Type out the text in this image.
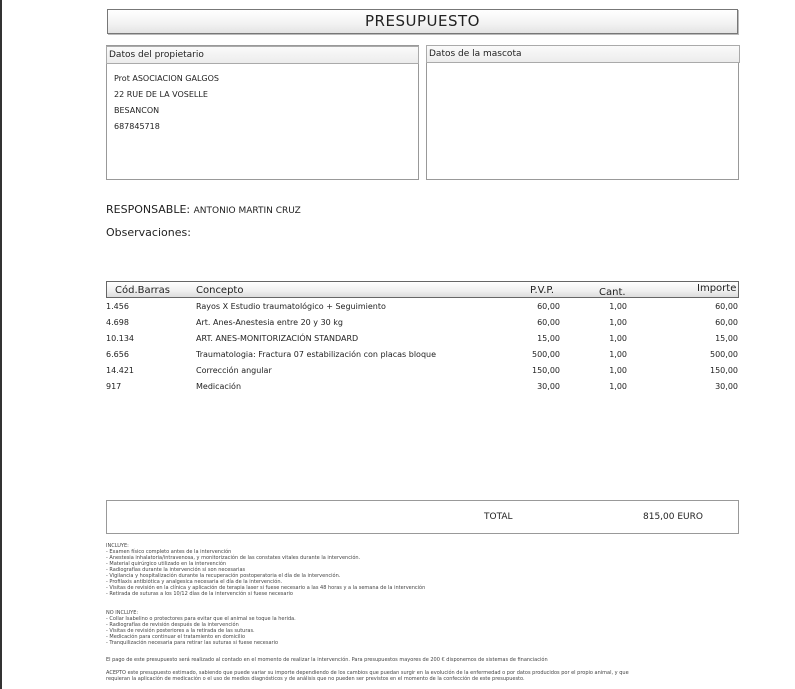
PRESUPUESTO
Datos del propietario
Prot ASOCIACION GALGOS
22 RUE DE LA VOSELLE
BESANCON
687845718
Datos de la mascota
RESPONSABLE: ANTONIO MARTIN CRUZ
Observaciones:
Cód.Barras	Concepto	P.V.P.	Cant.	Importe
1.456	Rayos X Estudio traumatológico + Seguimiento	60,00	1,00	60,00
4.698	Art. Anes-Anestesia entre 20 y 30 kg	60,00	1,00	60,00
10.134	ART. ANES-MONITORIZACIÓN STANDARD	15,00	1,00	15,00
6.656	Traumatologia: Fractura 07 estabilización con placas bloque	500,00	1,00	500,00
14.421	Corrección angular	150,00	1,00	150,00
917	Medicación	30,00	1,00	30,00
TOTAL	815,00 EURO
INCLUYE:
- Examen físico completo antes de la intervención
- Anestesia inhalatoria/intravenosa, y monitorización de las constates vitales durante la intervención.
- Material quirúrgico utilizado en la intervención
- Radiografías durante la intervención si son necesarias
- Vigilancia y hospitalización durante la recuperación postoperatoria el día de la intervención.
- Profilaxis antibiótica y analgesica necesaria el día de la intervención.
- Visitas de revisión en la clínica y aplicación de terapia laser si fuese necesario a las 48 horas y a la semana de la intervención
- Retirada de suturas a los 10/12 días de la intervención si fuese necesario
NO INCLUYE:
- Collar Isabelino o protectores para evitar que el animal se toque la herida.
- Radiografías de revisión después de la intervención
- Visitas de revisión posteriores a la retirada de las suturas.
- Medicación para continuar el tratamiento en domicilio
- Tranquilización necesaria para retirar las suturas si fuese necesario
El pago de este presupuesto será realizado al contado en el momento de realizar la intervención. Para presupuestos mayores de 200 € disponemos de sistemas de financiación
ACEPTO este presupuesto estimado, sabiendo que puede variar su importe dependiendo de los cambios que puedan surgir en la evolución de la enfermedad o por datos producidos por el propio animal, y que
requieran la aplicación de medicación o el uso de medios diagnósticos y de análisis que no pueden ser previstos en el momento de la confección de este presupuesto.
